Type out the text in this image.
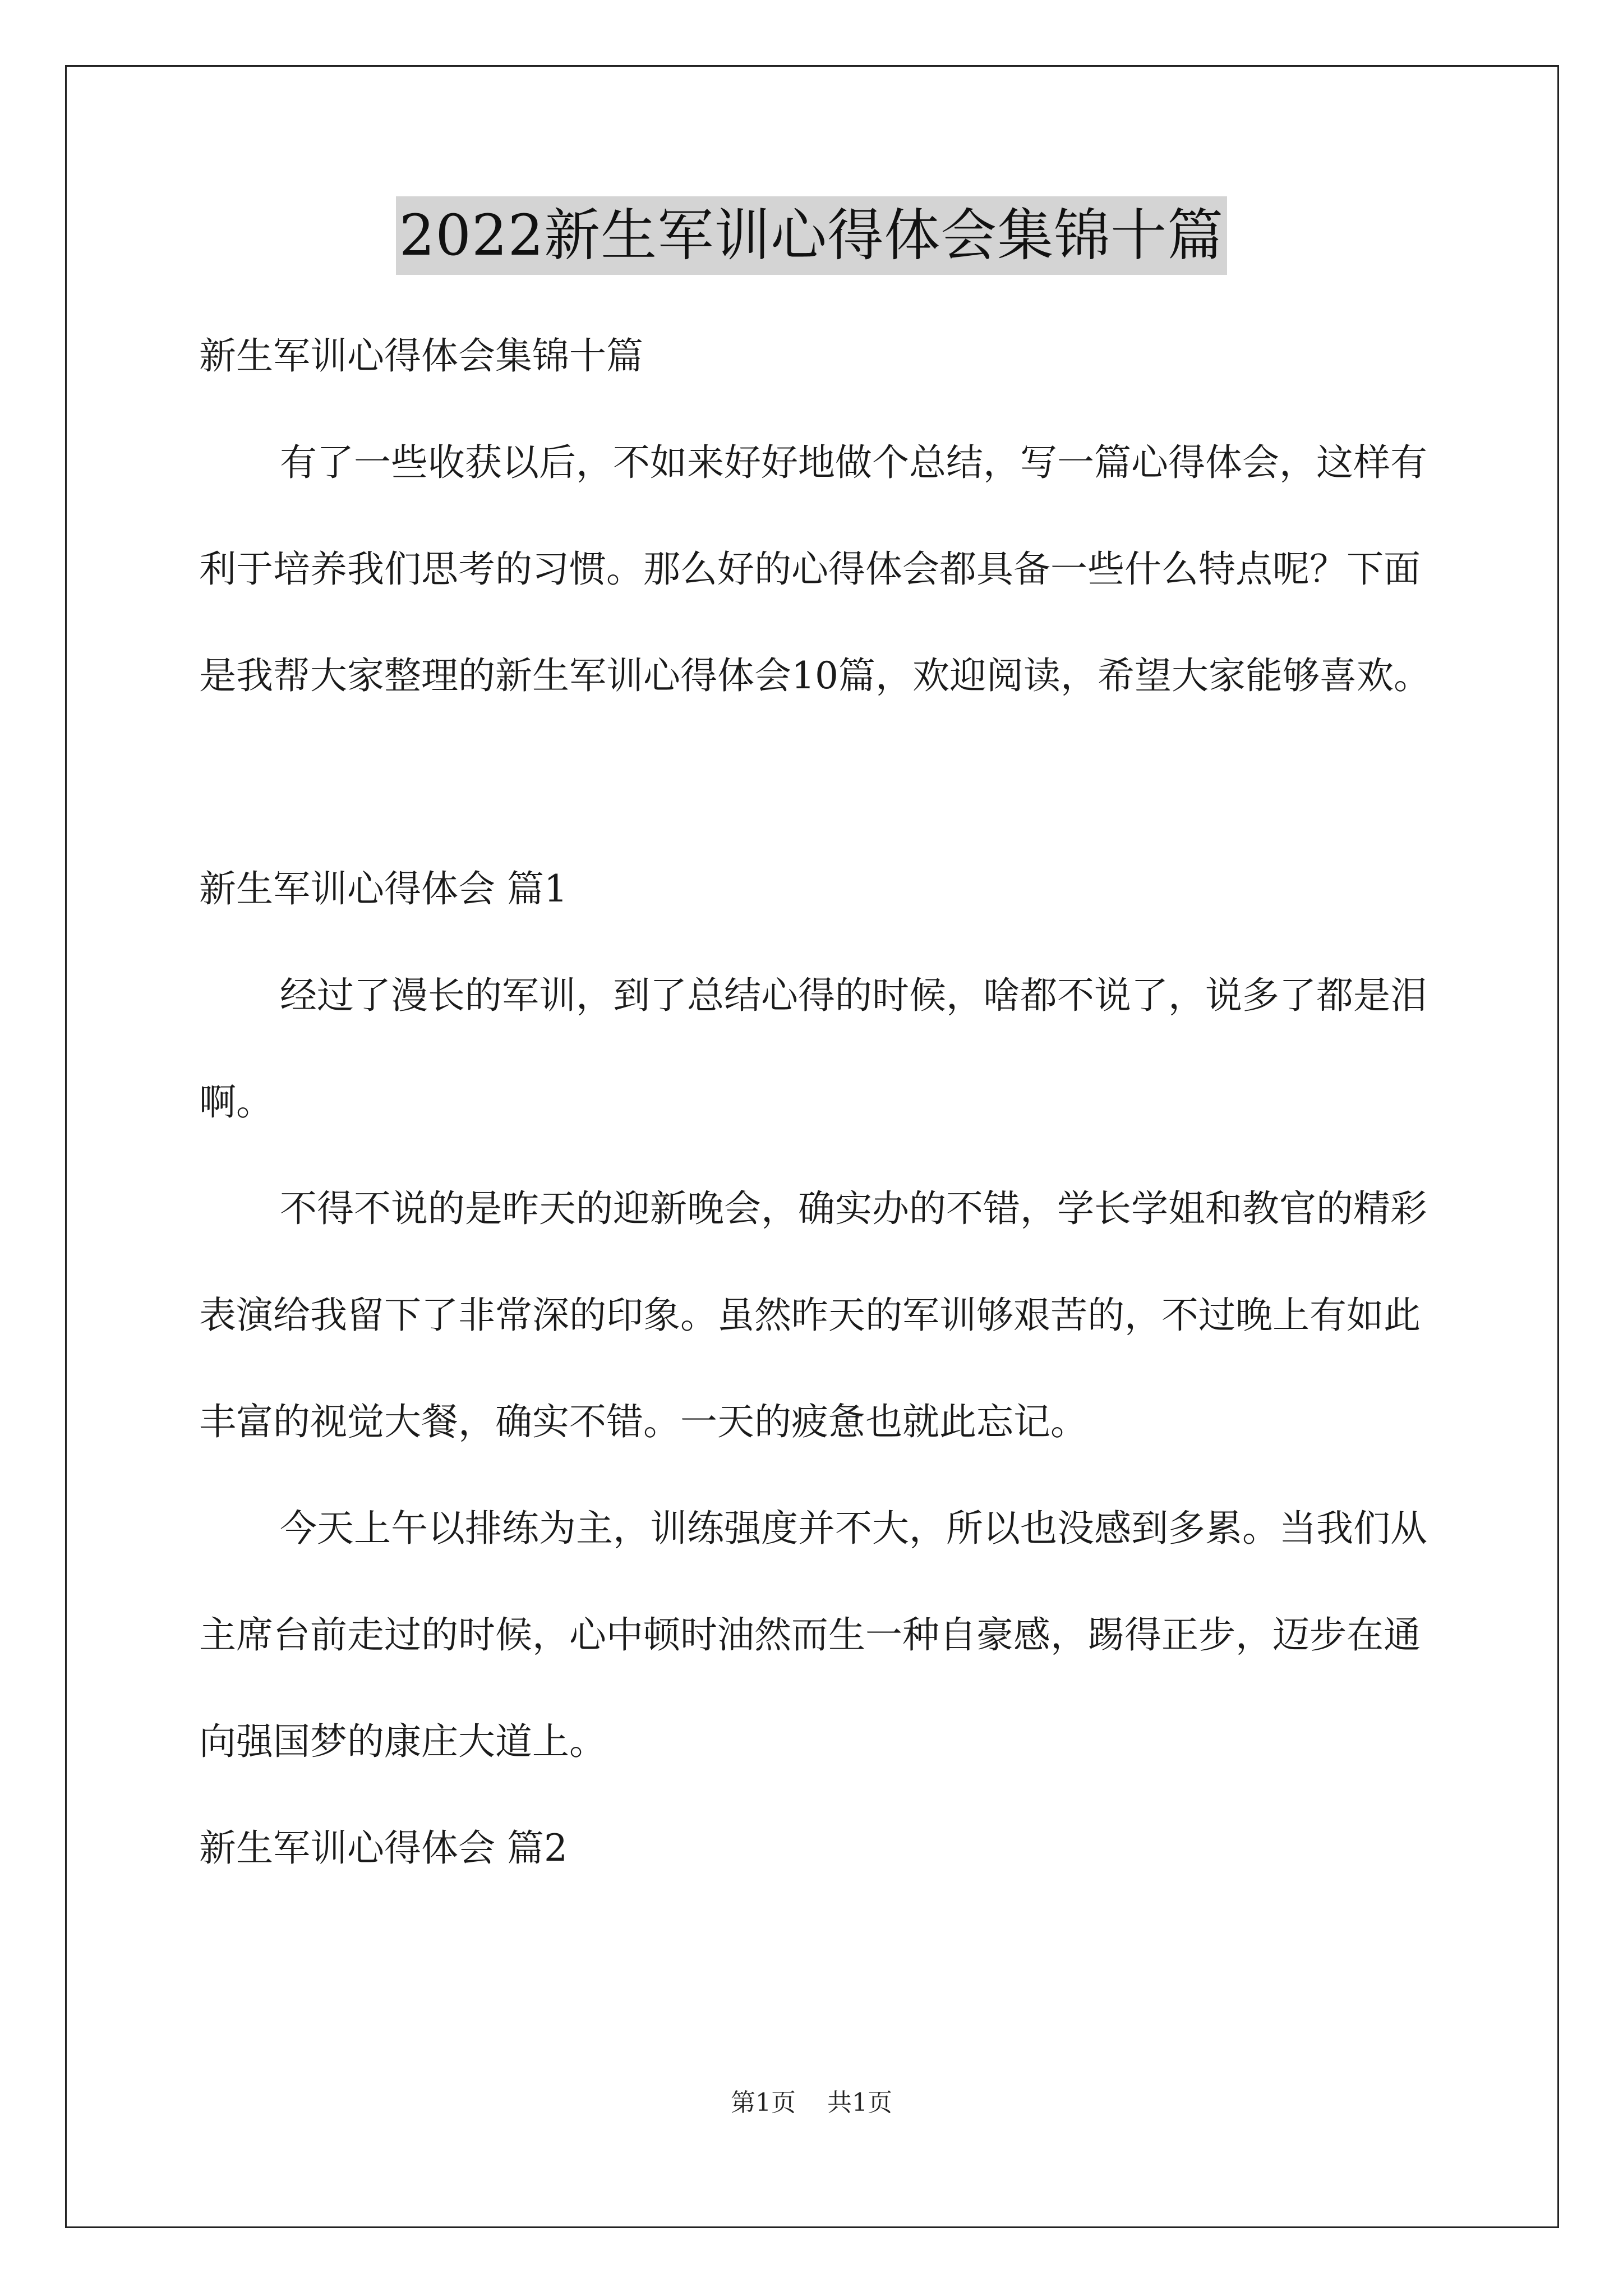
2022新生军训心得体会集锦十篇
新生军训心得体会集锦十篇

有了一些收获以后，不如来好好地做个总结，写一篇心得体会，这样有利于培养我们思考的习惯。那么好的心得体会都具备一些什么特点呢？下面是我帮大家整理的新生军训心得体会10篇，欢迎阅读，希望大家能够喜欢。

新生军训心得体会 篇1

经过了漫长的军训，到了总结心得的时候，啥都不说了，说多了都是泪啊。

不得不说的是昨天的迎新晚会，确实办的不错，学长学姐和教官的精彩表演给我留下了非常深的印象。虽然昨天的军训够艰苦的，不过晚上有如此丰富的视觉大餐，确实不错。一天的疲惫也就此忘记。

今天上午以排练为主，训练强度并不大，所以也没感到多累。当我们从主席台前走过的时候，心中顿时油然而生一种自豪感，踢得正步，迈步在通向强国梦的康庄大道上。

新生军训心得体会 篇2

第1页 共1页
